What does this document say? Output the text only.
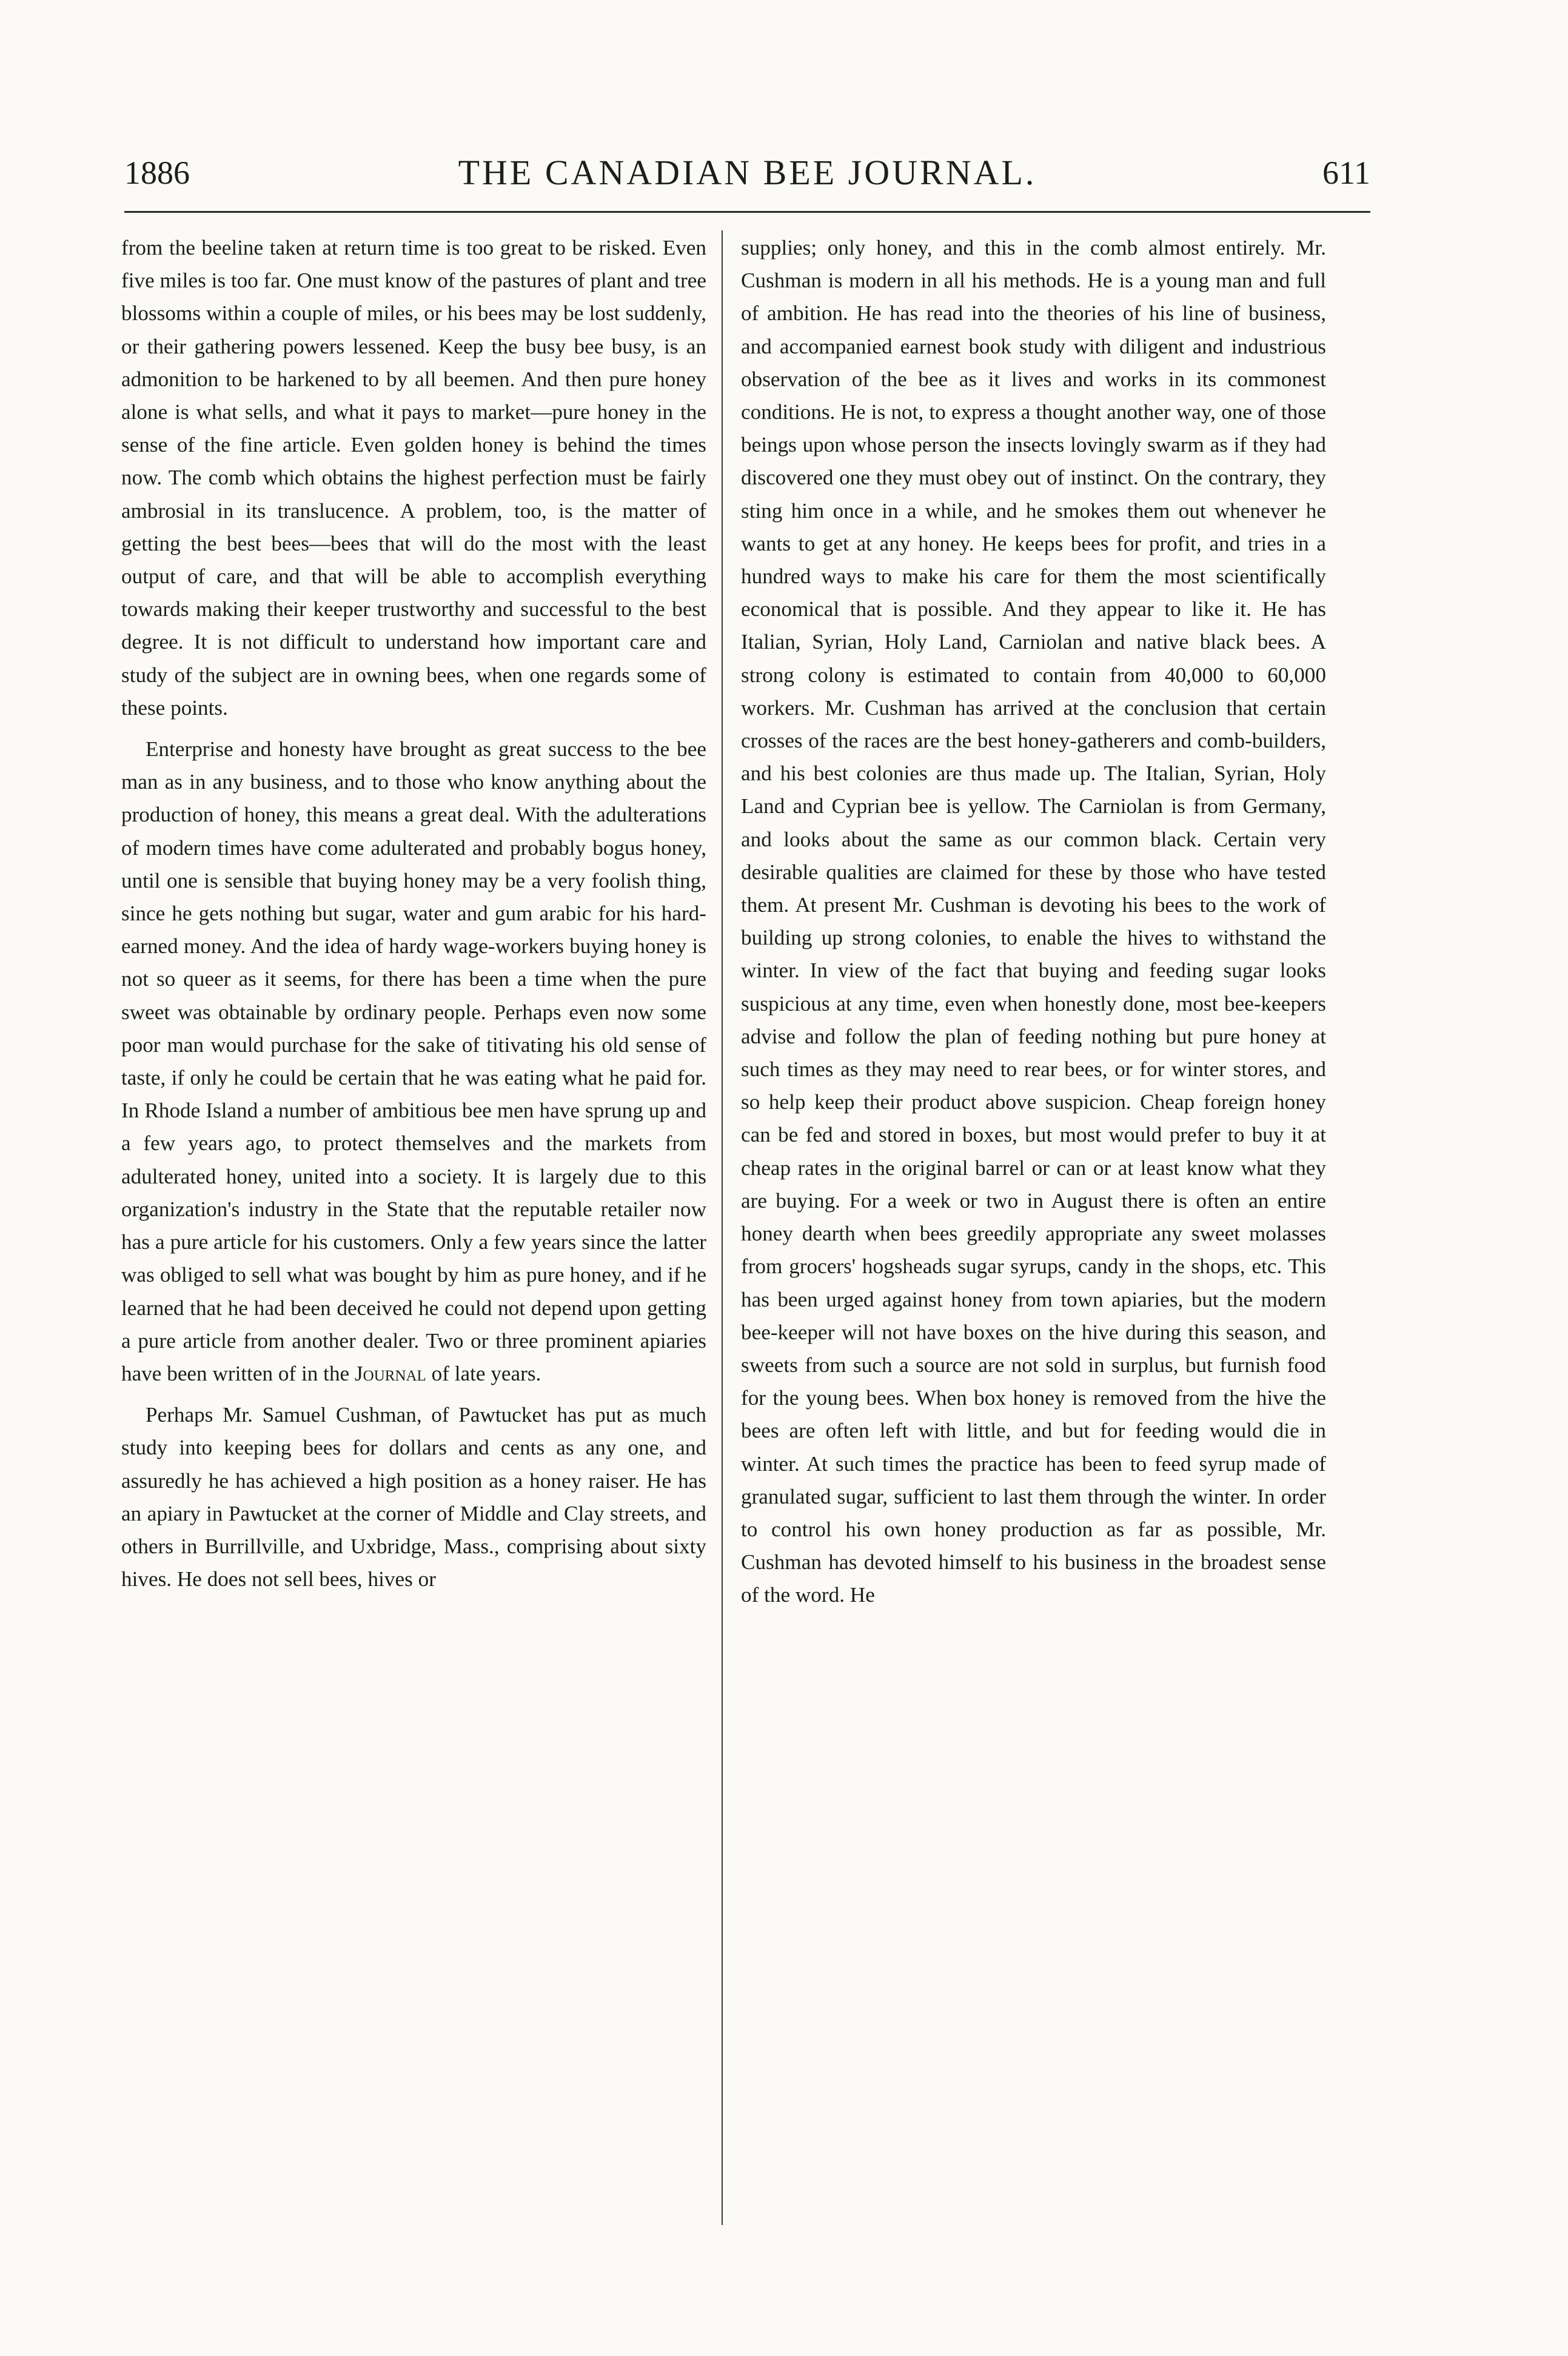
1886	THE CANADIAN BEE JOURNAL.	611

from the beeline taken at return time is too great to be risked. Even five miles is too far. One must know of the pastures of plant and tree blossoms within a couple of miles, or his bees may be lost suddenly, or their gathering powers lessened. Keep the busy bee busy, is an admonition to be harkened to by all beemen. And then pure honey alone is what sells, and what it pays to market—pure honey in the sense of the fine article. Even golden honey is behind the times now. The comb which obtains the highest perfection must be fairly ambrosial in its translucence. A problem, too, is the matter of getting the best bees—bees that will do the most with the least output of care, and that will be able to accomplish everything towards making their keeper trustworthy and successful to the best degree. It is not difficult to understand how important care and study of the subject are in owning bees, when one regards some of these points.

Enterprise and honesty have brought as great success to the bee man as in any business, and to those who know anything about the production of honey, this means a great deal. With the adulterations of modern times have come adulterated and probably bogus honey, until one is sensible that buying honey may be a very foolish thing, since he gets nothing but sugar, water and gum arabic for his hard-earned money. And the idea of hardy wage-workers buying honey is not so queer as it seems, for there has been a time when the pure sweet was obtainable by ordinary people. Perhaps even now some poor man would purchase for the sake of titivating his old sense of taste, if only he could be certain that he was eating what he paid for. In Rhode Island a number of ambitious bee men have sprung up and a few years ago, to protect themselves and the markets from adulterated honey, united into a society. It is largely due to this organization's industry in the State that the reputable retailer now has a pure article for his customers. Only a few years since the latter was obliged to sell what was bought by him as pure honey, and if he learned that he had been deceived he could not depend upon getting a pure article from another dealer. Two or three prominent apiaries have been written of in the Journal of late years.

Perhaps Mr. Samuel Cushman, of Pawtucket has put as much study into keeping bees for dollars and cents as any one, and assuredly he has achieved a high position as a honey raiser. He has an apiary in Pawtucket at the corner of Middle and Clay streets, and others in Burrillville, and Uxbridge, Mass., comprising about sixty hives. He does not sell bees, hives or

supplies; only honey, and this in the comb almost entirely. Mr. Cushman is modern in all his methods. He is a young man and full of ambition. He has read into the theories of his line of business, and accompanied earnest book study with diligent and industrious observation of the bee as it lives and works in its commonest conditions. He is not, to express a thought another way, one of those beings upon whose person the insects lovingly swarm as if they had discovered one they must obey out of instinct. On the contrary, they sting him once in a while, and he smokes them out whenever he wants to get at any honey. He keeps bees for profit, and tries in a hundred ways to make his care for them the most scientifically economical that is possible. And they appear to like it. He has Italian, Syrian, Holy Land, Carniolan and native black bees. A strong colony is estimated to contain from 40,000 to 60,000 workers. Mr. Cushman has arrived at the conclusion that certain crosses of the races are the best honey-gatherers and comb-builders, and his best colonies are thus made up. The Italian, Syrian, Holy Land and Cyprian bee is yellow. The Carniolan is from Germany, and looks about the same as our common black. Certain very desirable qualities are claimed for these by those who have tested them. At present Mr. Cushman is devoting his bees to the work of building up strong colonies, to enable the hives to withstand the winter. In view of the fact that buying and feeding sugar looks suspicious at any time, even when honestly done, most bee-keepers advise and follow the plan of feeding nothing but pure honey at such times as they may need to rear bees, or for winter stores, and so help keep their product above suspicion. Cheap foreign honey can be fed and stored in boxes, but most would prefer to buy it at cheap rates in the original barrel or can or at least know what they are buying. For a week or two in August there is often an entire honey dearth when bees greedily appropriate any sweet molasses from grocers' hogsheads sugar syrups, candy in the shops, etc. This has been urged against honey from town apiaries, but the modern bee-keeper will not have boxes on the hive during this season, and sweets from such a source are not sold in surplus, but furnish food for the young bees. When box honey is removed from the hive the bees are often left with little, and but for feeding would die in winter. At such times the practice has been to feed syrup made of granulated sugar, sufficient to last them through the winter. In order to control his own honey production as far as possible, Mr. Cushman has devoted himself to his business in the broadest sense of the word. He
